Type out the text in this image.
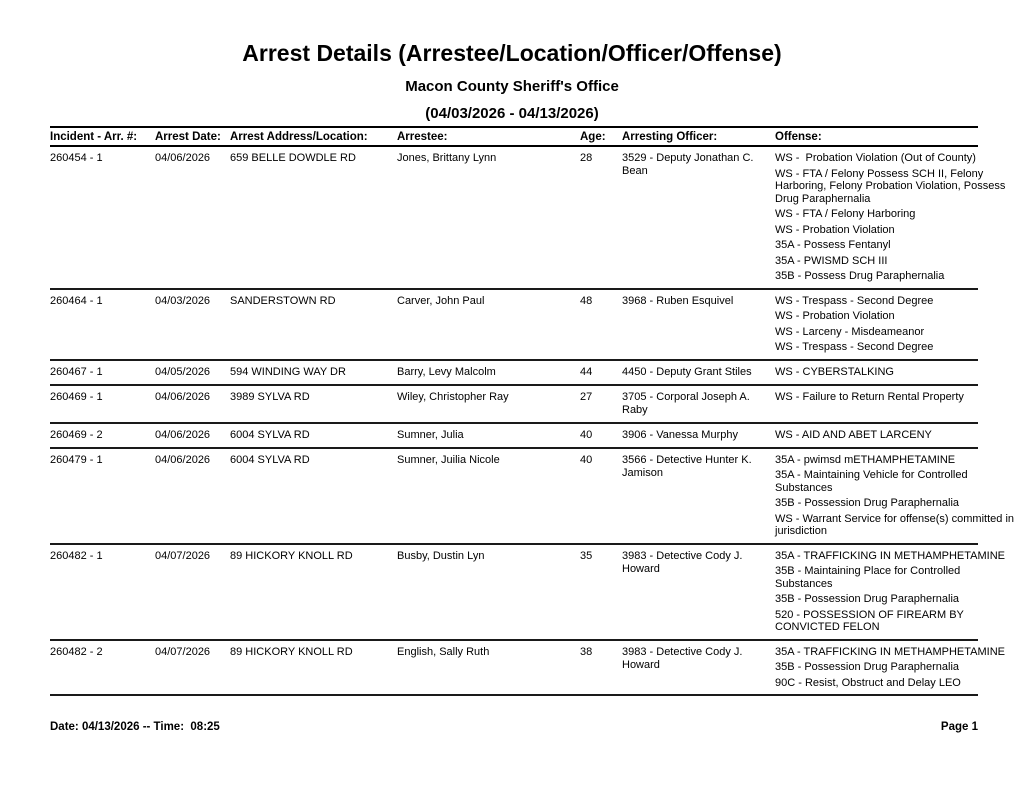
Arrest Details (Arrestee/Location/Officer/Offense)
Macon County Sheriff's Office
(04/03/2026 - 04/13/2026)
Incident - Arr. #:	Arrest Date:	Arrest Address/Location:	Arrestee:	Age:	Arresting Officer:	Offense:
260454 - 1	04/06/2026	659 BELLE DOWDLE RD	Jones, Brittany Lynn	28	3529 - Deputy Jonathan C. Bean

WS -  Probation Violation (Out of County)
WS - FTA / Felony Possess SCH II, Felony Harboring, Felony Probation Violation, Possess Drug Paraphernalia
WS - FTA / Felony Harboring
WS - Probation Violation
35A - Possess Fentanyl
35A - PWISMD SCH III
35B - Possess Drug Paraphernalia

260464 - 1	04/03/2026	SANDERSTOWN RD	Carver, John Paul	48	3968 - Ruben Esquivel	WS - Trespass - Second Degree
WS - Probation Violation
WS - Larceny - Misdeameanor
WS - Trespass - Second Degree

260467 - 1	04/05/2026	594 WINDING WAY DR	Barry, Levy Malcolm	44	4450 - Deputy Grant Stiles	WS - CYBERSTALKING

260469 - 1	04/06/2026	3989 SYLVA RD	Wiley, Christopher Ray	27	3705 - Corporal Joseph A. Raby	WS - Failure to Return Rental Property

260469 - 2	04/06/2026	6004 SYLVA RD	Sumner, Julia	40	3906 - Vanessa Murphy	WS - AID AND ABET LARCENY

260479 - 1	04/06/2026	6004 SYLVA RD	Sumner, Juilia Nicole	40	3566 - Detective Hunter K. Jamison	35A - pwimsd mETHAMPHETAMINE
35A - Maintaining Vehicle for Controlled Substances
35B - Possession Drug Paraphernalia
WS - Warrant Service for offense(s) committed in jurisdiction

260482 - 1	04/07/2026	89 HICKORY KNOLL RD	Busby, Dustin Lyn	35	3983 - Detective Cody J. Howard	35A - TRAFFICKING IN METHAMPHETAMINE
35B - Maintaining Place for Controlled Substances
35B - Possession Drug Paraphernalia
520 - POSSESSION OF FIREARM BY CONVICTED FELON

260482 - 2	04/07/2026	89 HICKORY KNOLL RD	English, Sally Ruth	38	3983 - Detective Cody J. Howard	35A - TRAFFICKING IN METHAMPHETAMINE
35B - Possession Drug Paraphernalia
90C - Resist, Obstruct and Delay LEO
Date: 04/13/2026 -- Time:  08:25	Page 1
